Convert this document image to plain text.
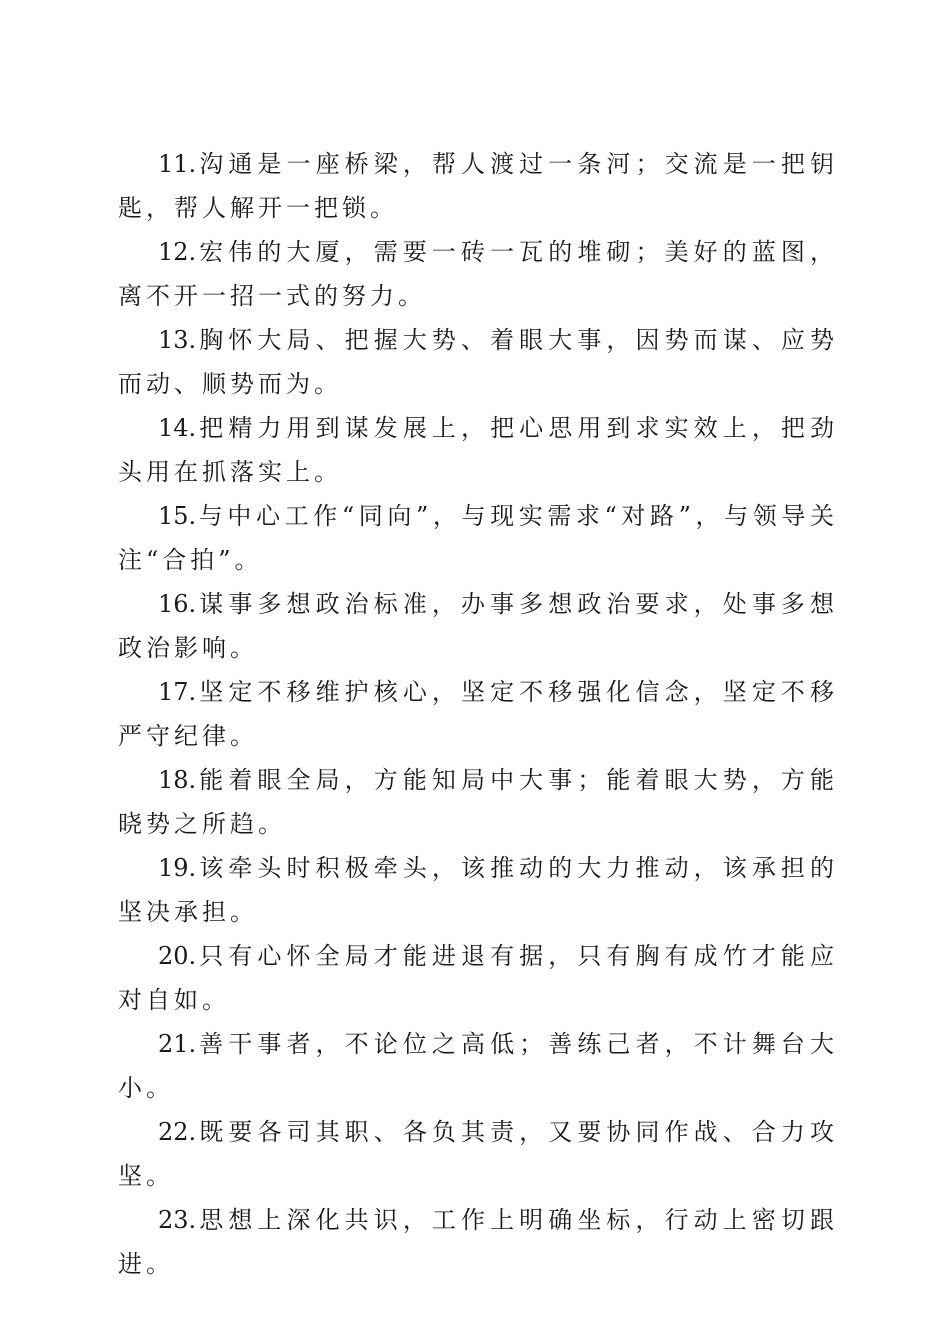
11.沟通是一座桥梁，帮人渡过一条河；交流是一把钥匙，帮人解开一把锁。

12.宏伟的大厦，需要一砖一瓦的堆砌；美好的蓝图，离不开一招一式的努力。

13.胸怀大局、把握大势、着眼大事，因势而谋、应势而动、顺势而为。

14.把精力用到谋发展上，把心思用到求实效上，把劲头用在抓落实上。

15.与中心工作“同向”，与现实需求“对路”，与领导关注“合拍”。

16.谋事多想政治标准，办事多想政治要求，处事多想政治影响。

17.坚定不移维护核心，坚定不移强化信念，坚定不移严守纪律。

18.能着眼全局，方能知局中大事；能着眼大势，方能晓势之所趋。

19.该牵头时积极牵头，该推动的大力推动，该承担的坚决承担。

20.只有心怀全局才能进退有据，只有胸有成竹才能应对自如。

21.善干事者，不论位之高低；善练己者，不计舞台大小。

22.既要各司其职、各负其责，又要协同作战、合力攻坚。

23.思想上深化共识，工作上明确坐标，行动上密切跟进。
